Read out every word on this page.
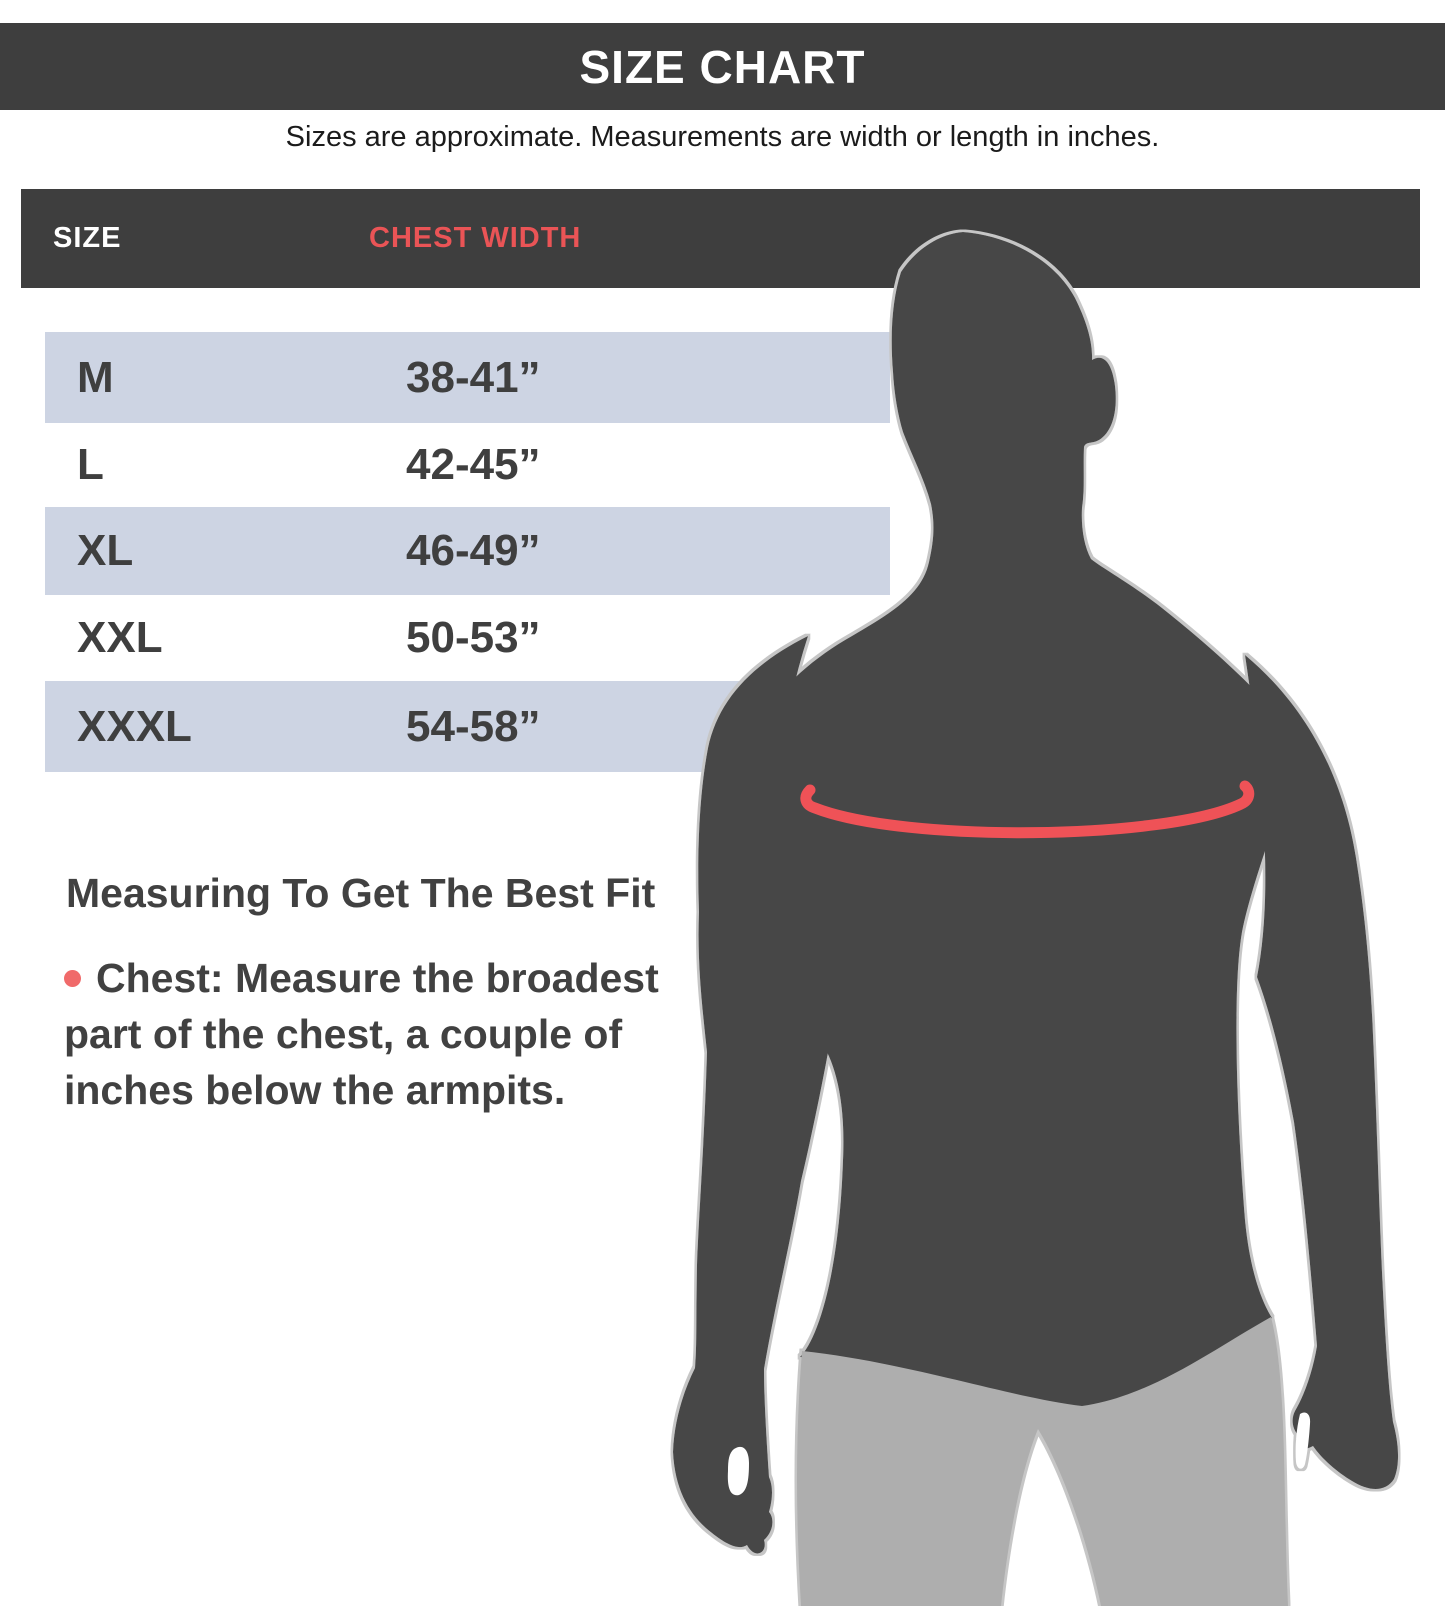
SIZE CHART
Sizes are approximate. Measurements are width or length in inches.
SIZE	CHEST WIDTH
M	38-41”
L	42-45”
XL	46-49”
XXL	50-53”
XXXL	54-58”
Measuring To Get The Best Fit
Chest: Measure the broadest
part of the chest, a couple of
inches below the armpits.
